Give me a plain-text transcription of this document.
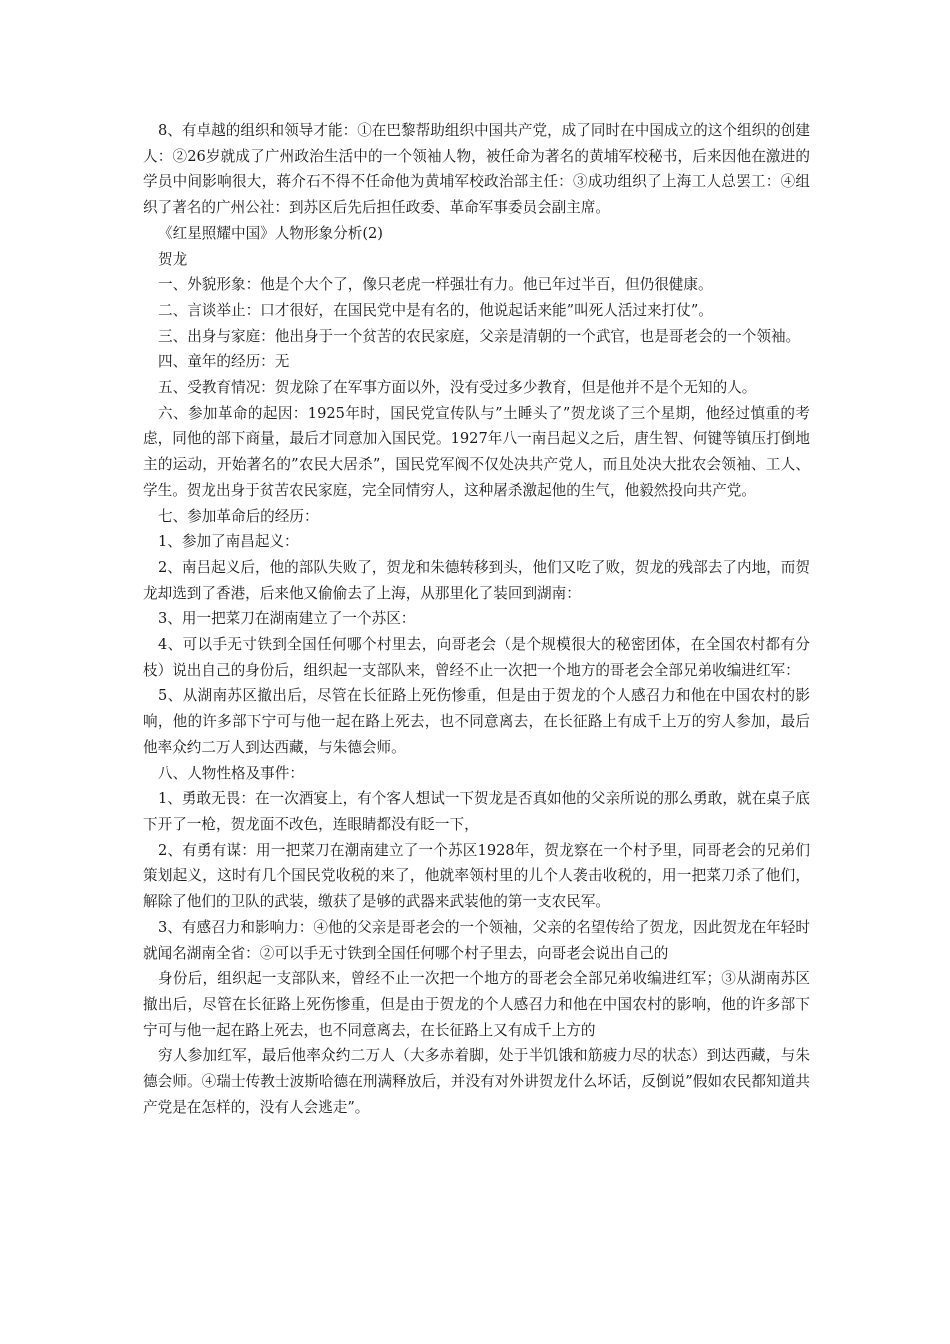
8、有卓越的组织和领导才能：①在巴黎帮助组织中国共产党，成了同时在中国成立的这个组织的创建人：②26岁就成了广州政治生活中的一个领袖人物，被任命为著名的黄埔军校秘书，后来因他在激进的学员中间影响很大，蒋介石不得不任命他为黄埔军校政治部主任：③成功组织了上海工人总罢工：④组织了著名的广州公社：到苏区后先后担任政委、革命军事委员会副主席。

《红星照耀中国》人物形象分析(2)

贺龙

一、外貌形象：他是个大个了，像只老虎一样强壮有力。他已年过半百，但仍很健康。

二、言谈举止：口才很好，在国民党中是有名的，他说起话来能”叫死人活过来打仗”。

三、出身与家庭：他出身于一个贫苦的农民家庭，父亲是清朝的一个武官，也是哥老会的一个领袖。

四、童年的经历：无

五、受教育情况：贺龙除了在军事方面以外，没有受过多少教育，但是他并不是个无知的人。

六、参加革命的起因：1925年时，国民党宣传队与”土睡头了”贺龙谈了三个星期，他经过慎重的考虑，同他的部下商量，最后才同意加入国民党。1927年八一南吕起义之后，唐生智、何键等镇压打倒地主的运动，开始著名的”农民大居杀”，国民党军阀不仅处决共产党人，而且处决大批农会领袖、工人、学生。贺龙出身于贫苦农民家庭，完全同情穷人，这种屠杀激起他的生气，他毅然投向共产党。

七、参加革命后的经历：

1、参加了南昌起义：

2、南吕起义后，他的部队失败了，贺龙和朱德转移到头，他们又吃了败，贺龙的残部去了内地，而贺龙却选到了香港，后来他又偷偷去了上海，从那里化了装回到湖南：

3、用一把菜刀在湖南建立了一个苏区：

4、可以手无寸铁到全国任何哪个村里去，向哥老会（是个规模很大的秘密团体，在全国农村都有分枝）说出自己的身份后，组织起一支部队来，曾经不止一次把一个地方的哥老会全部兄弟收编进红军：

5、从湖南苏区撤出后，尽管在长征路上死伤惨重，但是由于贺龙的个人感召力和他在中国农村的影响，他的许多部下宁可与他一起在路上死去，也不同意离去，在长征路上有成千上万的穷人参加，最后他率众约二万人到达西藏，与朱德会师。

八、人物性格及事件：

1、勇敢无畏：在一次酒宴上，有个客人想试一下贺龙是否真如他的父亲所说的那么勇敢，就在桌子底下开了一枪，贺龙面不改色，连眼睛都没有眨一下，

2、有勇有谋：用一把菜刀在潮南建立了一个苏区1928年，贺龙察在一个村予里，同哥老会的兄弟们策划起义，这时有几个国民党收税的来了，他就率领村里的儿个人袭击收税的，用一把菜刀杀了他们，解除了他们的卫队的武装，缴获了是够的武器来武装他的第一支农民军。

3、有感召力和影响力：④他的父亲是哥老会的一个领袖，父亲的名望传给了贺龙，因此贺龙在年轻时就闻名湖南全省：②可以手无寸铁到全国任何哪个村子里去，向哥老会说出自己的

身份后，组织起一支部队来，曾经不止一次把一个地方的哥老会全部兄弟收编进红军；③从湖南苏区撤出后，尽管在长征路上死伤惨重，但是由于贺龙的个人感召力和他在中国农村的影响，他的许多部下宁可与他一起在路上死去，也不同意离去，在长征路上又有成千上方的

穷人参加红军，最后他率众约二万人（大多赤着脚，处于半饥饿和筋疲力尽的状态）到达西藏，与朱德会师。④瑞士传教士波斯哈德在刑满释放后，并没有对外讲贺龙什么坏话，反倒说”假如农民都知道共产党是在怎样的，没有人会逃走”。
